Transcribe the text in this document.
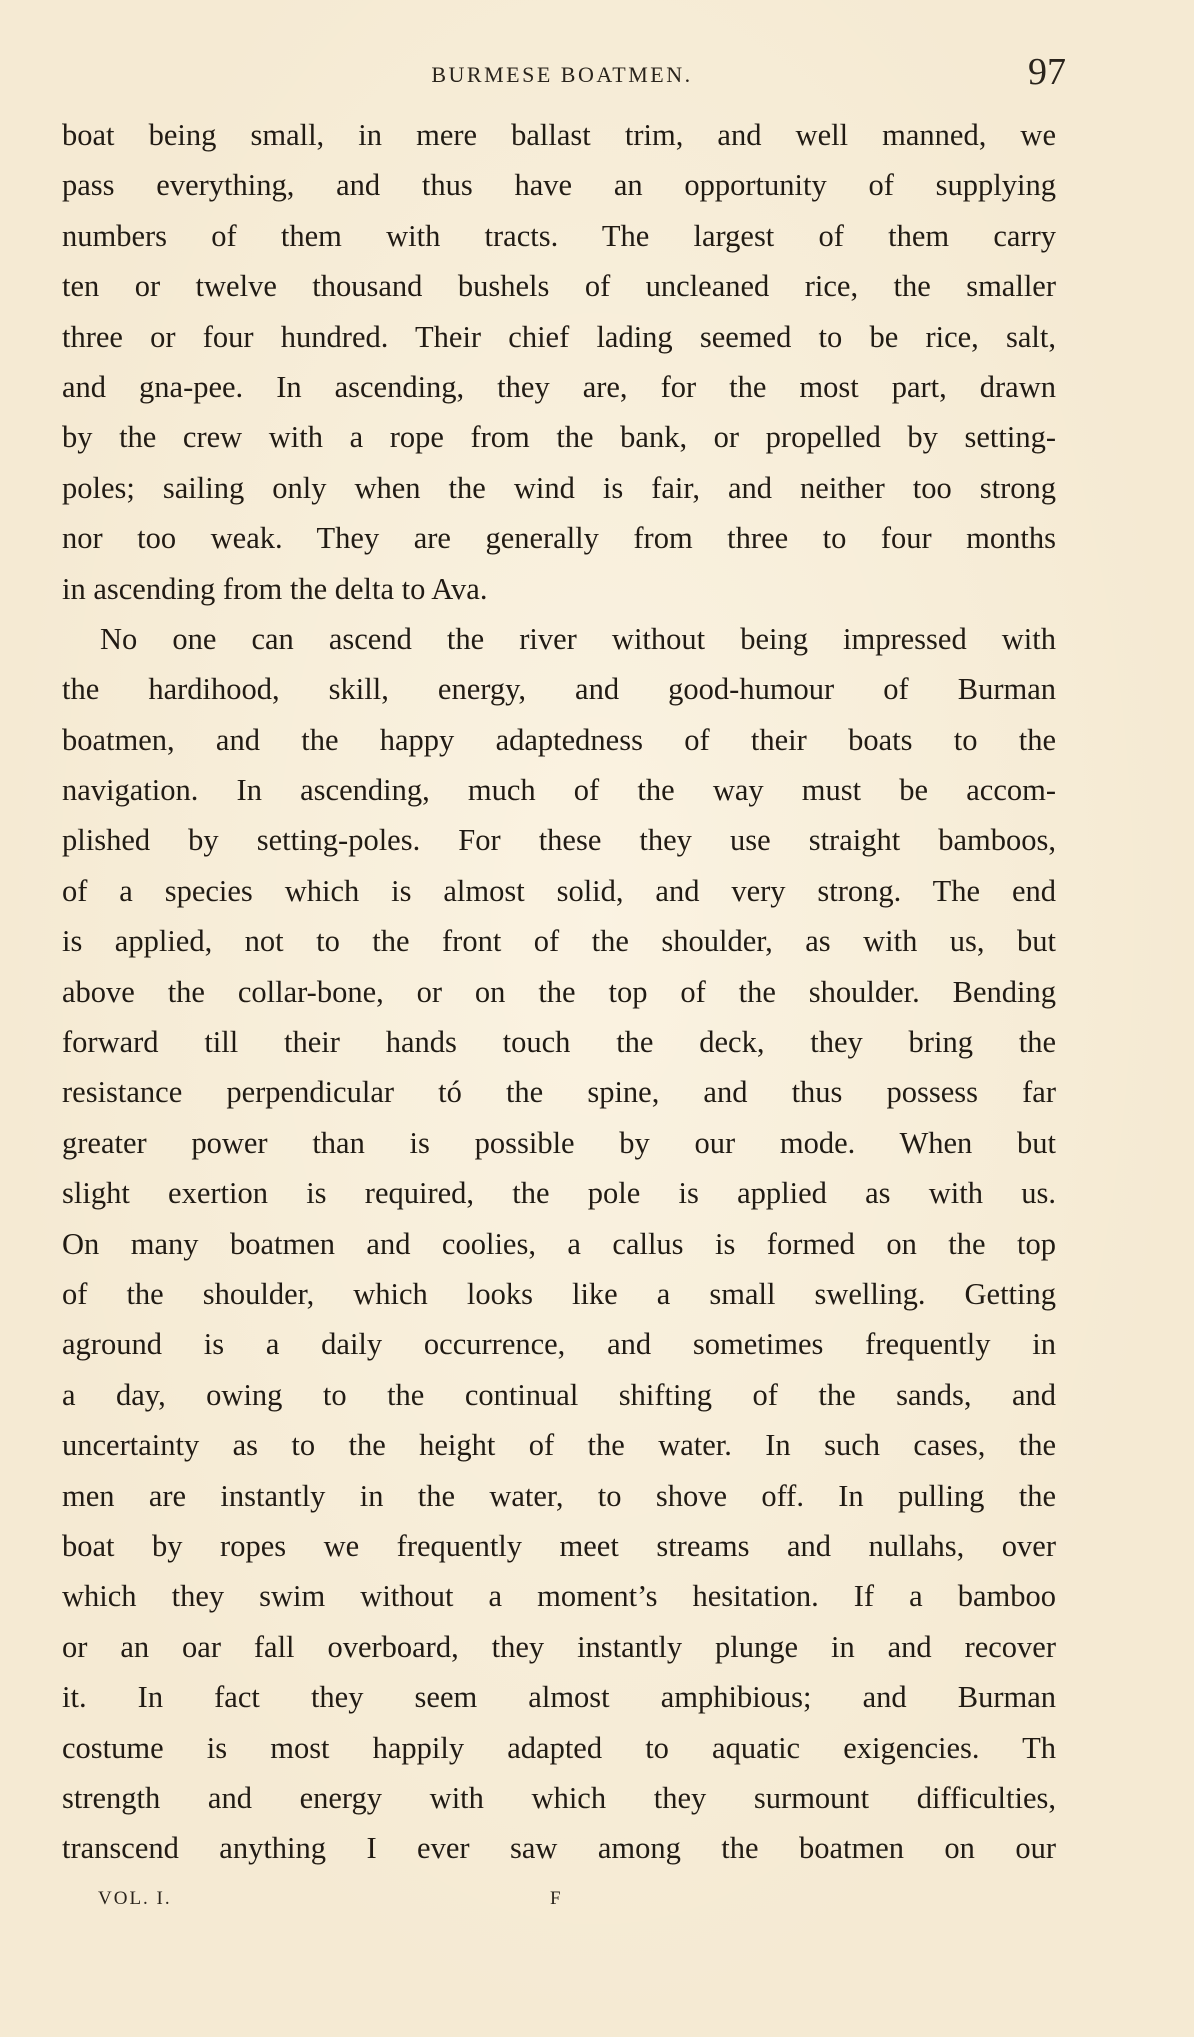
BURMESE BOATMEN.	97
boat being small, in mere ballast trim, and well manned, we
pass everything, and thus have an opportunity of supplying
numbers of them with tracts. The largest of them carry
ten or twelve thousand bushels of uncleaned rice, the smaller
three or four hundred. Their chief lading seemed to be rice, salt,
and gna-pee. In ascending, they are, for the most part, drawn
by the crew with a rope from the bank, or propelled by setting-
poles; sailing only when the wind is fair, and neither too strong
nor too weak. They are generally from three to four months
in ascending from the delta to Ava.
No one can ascend the river without being impressed with
the hardihood, skill, energy, and good-humour of Burman
boatmen, and the happy adaptedness of their boats to the
navigation. In ascending, much of the way must be accom-
plished by setting-poles. For these they use straight bamboos,
of a species which is almost solid, and very strong. The end
is applied, not to the front of the shoulder, as with us, but
above the collar-bone, or on the top of the shoulder. Bending
forward till their hands touch the deck, they bring the
resistance perpendicular tó the spine, and thus possess far
greater power than is possible by our mode. When but
slight exertion is required, the pole is applied as with us.
On many boatmen and coolies, a callus is formed on the top
of the shoulder, which looks like a small swelling. Getting
aground is a daily occurrence, and sometimes frequently in
a day, owing to the continual shifting of the sands, and
uncertainty as to the height of the water. In such cases, the
men are instantly in the water, to shove off. In pulling the
boat by ropes we frequently meet streams and nullahs, over
which they swim without a moment’s hesitation. If a bamboo
or an oar fall overboard, they instantly plunge in and recover
it. In fact they seem almost amphibious; and Burman
costume is most happily adapted to aquatic exigencies. Th
strength and energy with which they surmount difficulties,
transcend anything I ever saw among the boatmen on our
VOL. I.	F
